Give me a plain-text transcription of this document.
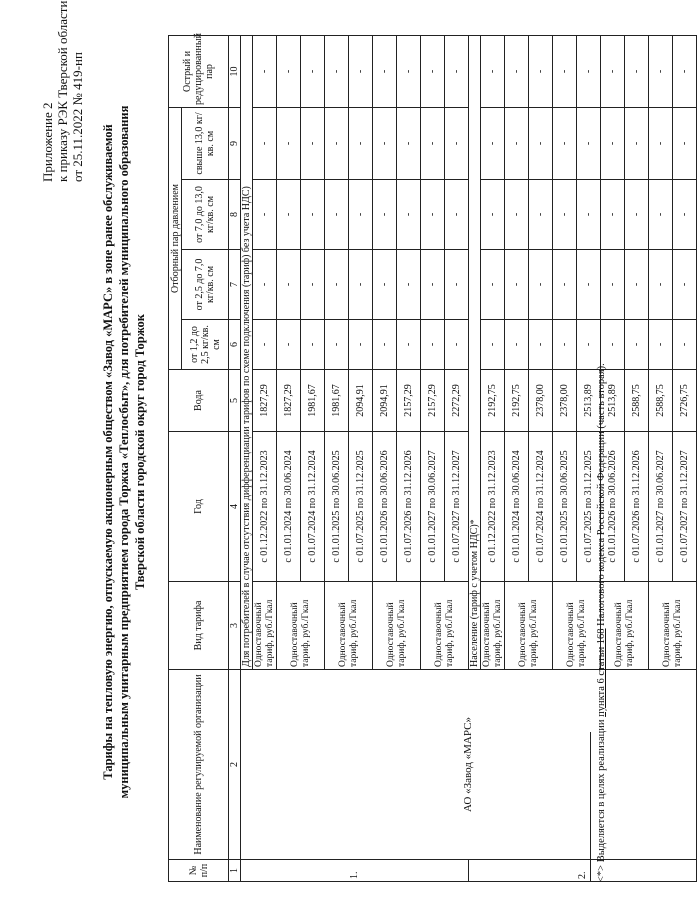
Приложение 2 к приказу РЭК Тверской области от 25.11.2022 № 419-нп
Тарифы на тепловую энергию, отпускаемую акционерным обществом «Завод «МАРС» в зоне ранее обслуживаемой муниципальным унитарным предприятием города Торжка «Теплосбыт», для потребителей муниципального образования Тверской области городской округ город Торжок
№ п/п	Наименование регулируемой организации	Вид тарифа	Год	Вода	Отборный пар давлением				Острый и редуцированный пар
					от 1,2 до 2,5 кг/кв. см	от 2,5 до 7,0 кг/кв. см	от 7,0 до 13,0 кг/кв. см	свыше 13,0 кг/кв. см	
1	2	3	4	5	6	7	8	9	10
1.	АО «Завод «МАРС»	Для потребителей в случае отсутствия дифференциации тарифов по схеме подключения (тариф) без учета НДС)							
		Одноставочный тариф, руб./Гкал	с 01.12.2022 по 31.12.2023	1827,29	-	-	-	-	-
		Одноставочный тариф, руб./Гкал	с 01.01.2024 по 30.06.2024	1827,29	-	-	-	-	-
			с 01.07.2024 по 31.12.2024	1981,67	-	-	-	-	-
		Одноставочный тариф, руб./Гкал	с 01.01.2025 по 30.06.2025	1981,67	-	-	-	-	-
			с 01.07.2025 по 31.12.2025	2094,91	-	-	-	-	-
		Одноставочный тариф, руб./Гкал	с 01.01.2026 по 30.06.2026	2094,91	-	-	-	-	-
			с 01.07.2026 по 31.12.2026	2157,29	-	-	-	-	-
		Одноставочный тариф, руб./Гкал	с 01.01.2027 по 30.06.2027	2157,29	-	-	-	-	-
			с 01.07.2027 по 31.12.2027	2272,29	-	-	-	-	-
2.		Население (тариф с учетом НДС)*							
		Одноставочный тариф, руб./Гкал	с 01.12.2022 по 31.12.2023	2192,75	-	-	-	-	-
		Одноставочный тариф, руб./Гкал	с 01.01.2024 по 30.06.2024	2192,75	-	-	-	-	-
			с 01.07.2024 по 31.12.2024	2378,00	-	-	-	-	-
		Одноставочный тариф, руб./Гкал	с 01.01.2025 по 30.06.2025	2378,00	-	-	-	-	-
			с 01.07.2025 по 31.12.2025	2513,89	-	-	-	-	-
		Одноставочный тариф, руб./Гкал	с 01.01.2026 по 30.06.2026	2513,89	-	-	-	-	-
			с 01.07.2026 по 31.12.2026	2588,75	-	-	-	-	-
		Одноставочный тариф, руб./Гкал	с 01.01.2027 по 30.06.2027	2588,75	-	-	-	-	-
			с 01.07.2027 по 31.12.2027	2726,75	-	-	-	-	-
<*> Выделяется в целях реализации пункта 6 статьи 168 Налогового кодекса Российской Федерации (часть вторая).
